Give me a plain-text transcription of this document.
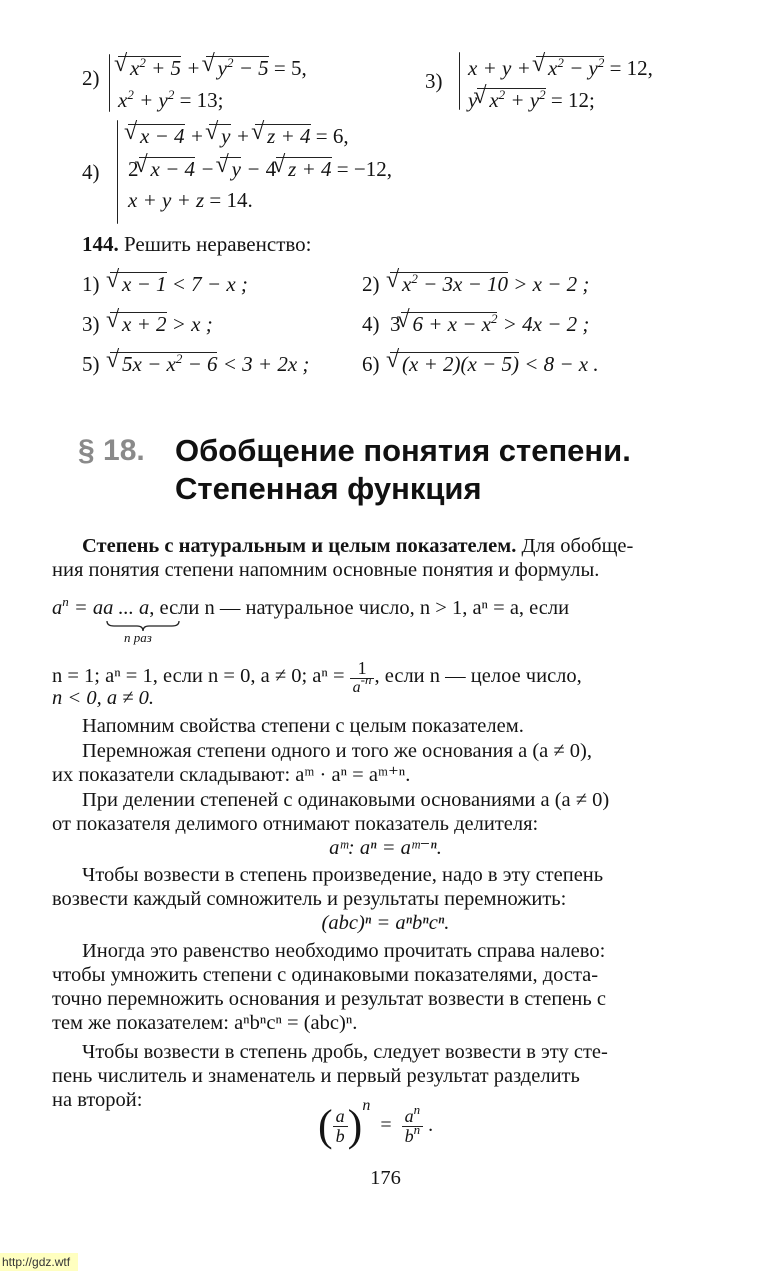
2)	√ $x^2 + 5$ + √ $y^2 - 5 = 5$,
$x^2 + y^2 = 13$;
3)
x + y + √ $x^2 - y^2 = 12$,
y √ $x^2 + y^2 = 12$;
4)
√ x − 4 + √ y + √ z + 4 = 6,
2 √ x − 4 − √ y − 4 √ z + 4 = −12,
x + y + z = 14.
144. Решить неравенство:
1) √ x − 1 < 7 − x ;	2) √ $x^2 - 3x - 10 > x - 2$ ;
3) √ x + 2 > x ;	4) 3 √ $6 + x - x^2 > 4x - 2$ ;
5) √ $5x - x^2 - 6 < 3 + 2x$ ;	6) √ (x + 2)(x − 5) < 8 − x .
§ 18. Обобщение понятия степени.
Степенная функция
Степень с натуральным и целым показателем. Для обобще-
ния понятия степени напомним основные понятия и формулы.
$a^n$ = aa ... a, если n — натуральное число, n > 1, aⁿ = a, если
n раз
n = 1; aⁿ = 1, если n = 0, a ≠ 0; $a^n = \frac{1}{a^{-n}}$ , если n — целое число,
n < 0, a ≠ 0.
Напомним свойства степени с целым показателем.
Перемножая степени одного и того же основания a (a ≠ 0),
их показатели складывают: aᵐ · aⁿ = aᵐ⁺ⁿ.
При делении степеней с одинаковыми основаниями a (a ≠ 0)
от показателя делимого отнимают показатель делителя:
aᵐ: aⁿ = aᵐ⁻ⁿ.
Чтобы возвести в степень произведение, надо в эту степень
возвести каждый сомножитель и результаты перемножить:
(abc)ⁿ = aⁿbⁿcⁿ.
Иногда это равенство необходимо прочитать справа налево:
чтобы умножить степени с одинаковыми показателями, доста-
точно перемножить основания и результат возвести в степень с
тем же показателем: aⁿbⁿcⁿ = (abc)ⁿ.
Чтобы возвести в степень дробь, следует возвести в эту сте-
пень числитель и знаменатель и первый результат разделить
на второй:
( $\frac{a}{b} )^n = \frac{a^n}{b^n}$ .
176
http://gdz.wtf
